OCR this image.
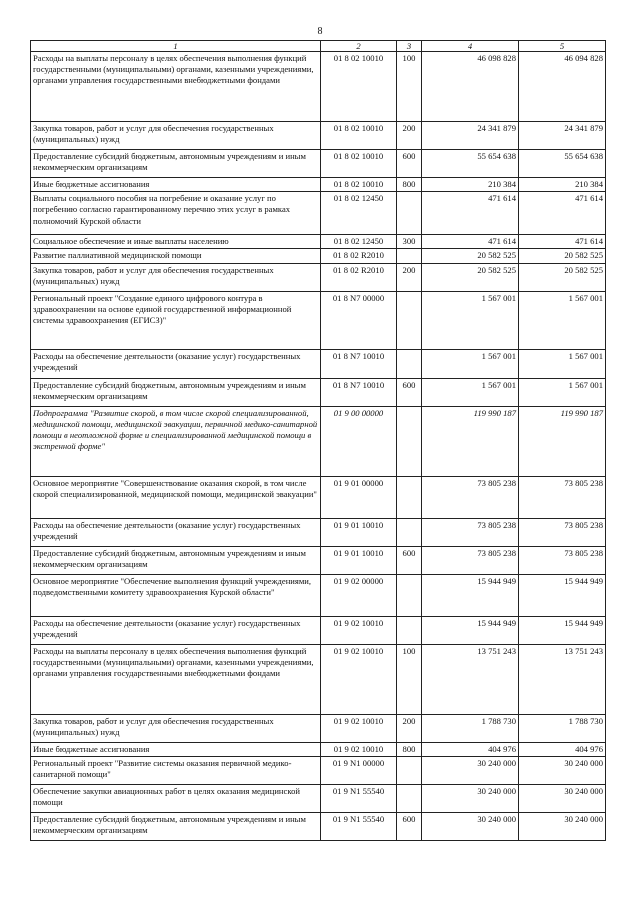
8
1	2	3	4	5
Расходы на выплаты персоналу в целях обеспечения выполнения функций государственными (муниципальными) органами, казенными учреждениями, органами управления государственными внебюджетными фондами	01 8 02 10010	100	46 098 828	46 094 828
Закупка товаров, работ и услуг для обеспечения государственных (муниципальных) нужд	01 8 02 10010	200	24 341 879	24 341 879
Предоставление субсидий бюджетным, автономным учреждениям и иным некоммерческим организациям	01 8 02 10010	600	55 654 638	55 654 638
Иные бюджетные ассигнования	01 8 02 10010	800	210 384	210 384
Выплаты социального пособия на погребение и оказание услуг по погребению согласно гарантированному перечню этих услуг в рамках полномочий Курской области	01 8 02 12450		471 614	471 614
Социальное обеспечение и иные выплаты населению	01 8 02 12450	300	471 614	471 614
Развитие паллиативной медицинской помощи	01 8 02 R2010		20 582 525	20 582 525
Закупка товаров, работ и услуг для обеспечения государственных (муниципальных) нужд	01 8 02 R2010	200	20 582 525	20 582 525
Региональный проект "Создание единого цифрового контура в здравоохранении на основе единой государственной информационной системы здравоохранения (ЕГИСЗ)"	01 8 N7 00000		1 567 001	1 567 001
Расходы на обеспечение деятельности (оказание услуг) государственных учреждений	01 8 N7 10010		1 567 001	1 567 001
Предоставление субсидий бюджетным, автономным учреждениям и иным некоммерческим организациям	01 8 N7 10010	600	1 567 001	1 567 001
Подпрограмма "Развитие скорой, в том числе скорой специализированной, медицинской помощи, медицинской эвакуации, первичной медико-санитарной помощи в неотложной форме и специализированной медицинской помощи в экстренной форме"	01 9 00 00000		119 990 187	119 990 187
Основное мероприятие "Совершенствование оказания скорой, в том числе скорой специализированной, медицинской помощи, медицинской эвакуации"	01 9 01 00000		73 805 238	73 805 238
Расходы на обеспечение деятельности (оказание услуг) государственных учреждений	01 9 01 10010		73 805 238	73 805 238
Предоставление субсидий бюджетным, автономным учреждениям и иным некоммерческим организациям	01 9 01 10010	600	73 805 238	73 805 238
Основное мероприятие "Обеспечение выполнения функций учреждениями, подведомственными комитету здравоохранения Курской области"	01 9 02 00000		15 944 949	15 944 949
Расходы на обеспечение деятельности (оказание услуг) государственных учреждений	01 9 02 10010		15 944 949	15 944 949
Расходы на выплаты персоналу в целях обеспечения выполнения функций государственными (муниципальными) органами, казенными учреждениями, органами управления государственными внебюджетными фондами	01 9 02 10010	100	13 751 243	13 751 243
Закупка товаров, работ и услуг для обеспечения государственных (муниципальных) нужд	01 9 02 10010	200	1 788 730	1 788 730
Иные бюджетные ассигнования	01 9 02 10010	800	404 976	404 976
Региональный проект "Развитие системы оказания первичной медико-санитарной помощи"	01 9 N1 00000		30 240 000	30 240 000
Обеспечение закупки авиационных работ в целях оказания медицинской помощи	01 9 N1 55540		30 240 000	30 240 000
Предоставление субсидий бюджетным, автономным учреждениям и иным некоммерческим организациям	01 9 N1 55540	600	30 240 000	30 240 000
